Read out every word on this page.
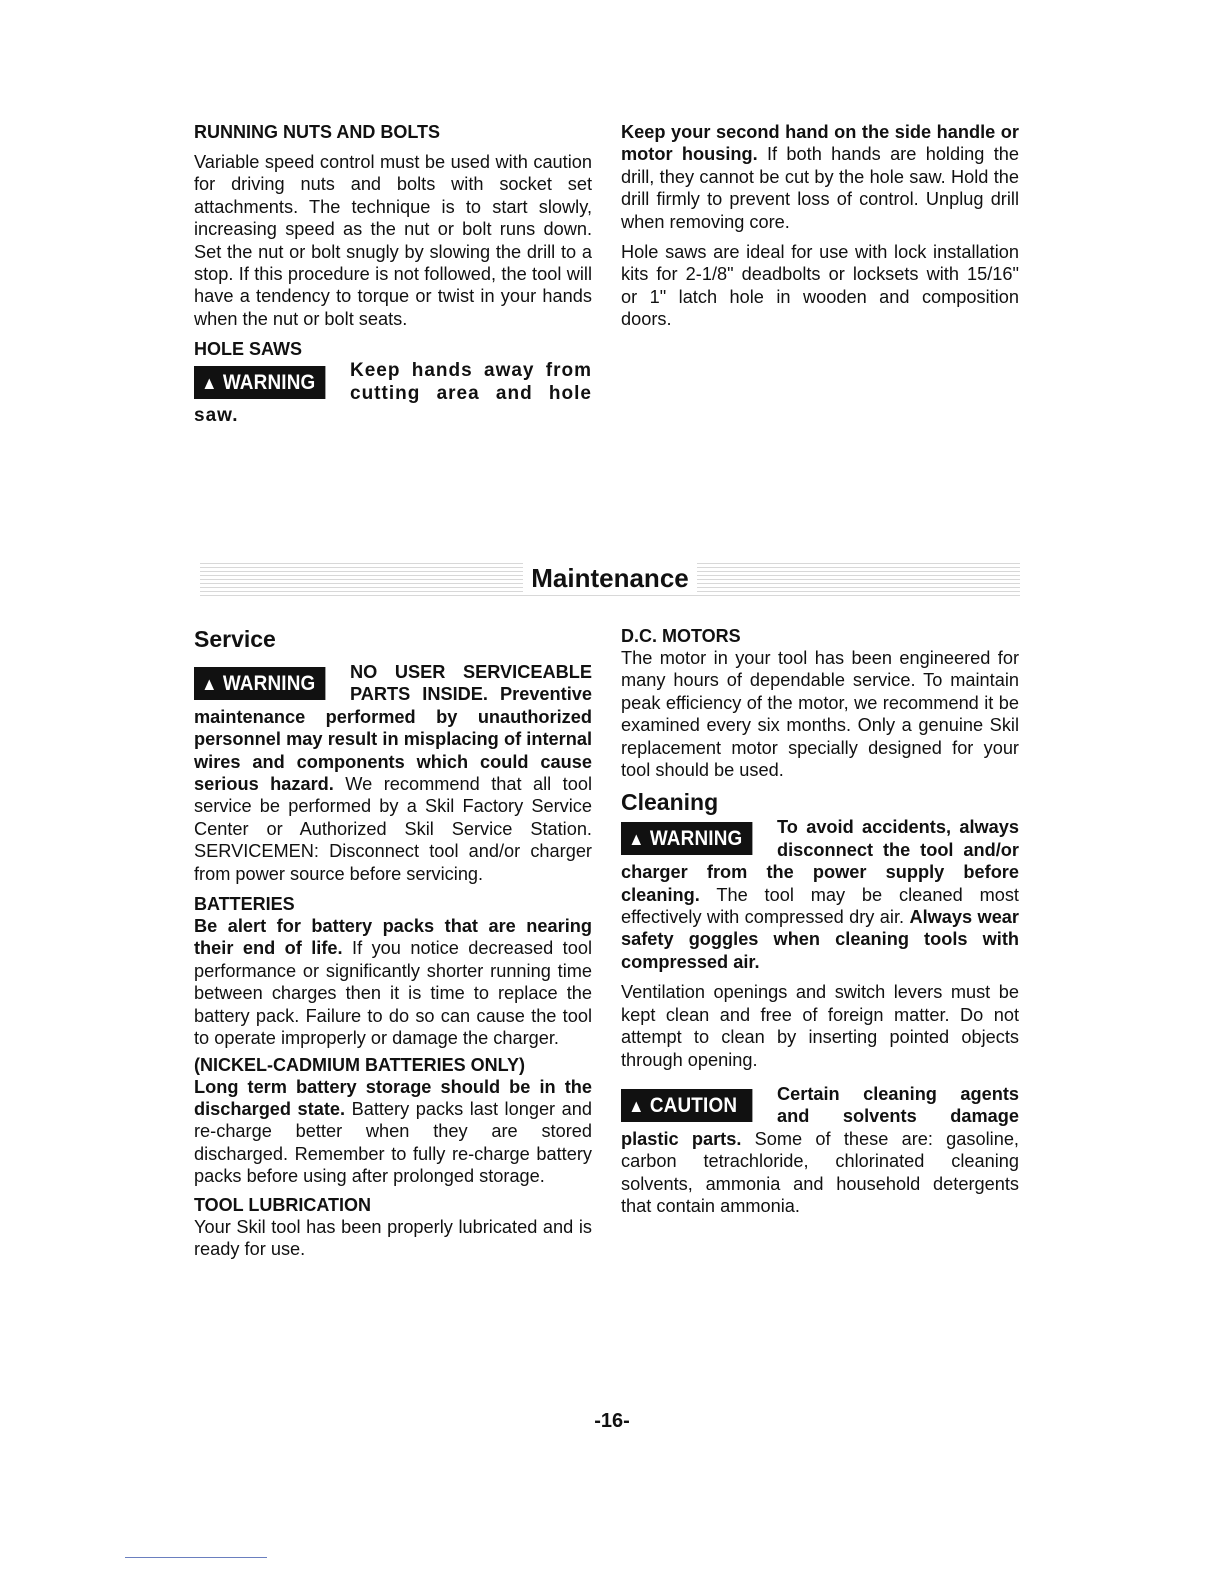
RUNNING NUTS AND BOLTS

Variable speed control must be used with caution for driving nuts and bolts with socket set attachments. The technique is to start slowly, increasing speed as the nut or bolt runs down. Set the nut or bolt snugly by slowing the drill to a stop. If this procedure is not followed, the tool will have a tendency to torque or twist in your hands when the nut or bolt seats.

HOLE SAWS

▲ WARNING

Keep hands away from cutting area and hole saw.

Keep your second hand on the side handle or motor housing. If both hands are holding the drill, they cannot be cut by the hole saw. Hold the drill firmly to prevent loss of control. Unplug drill when removing core.

Hole saws are ideal for use with lock installation kits for 2-1/8" deadbolts or locksets with 15/16" or 1" latch hole in wooden and composition doors.

Maintenance

Service

▲ WARNING	NO USER SERVICEABLE PARTS INSIDE. Preventive maintenance performed by unauthorized personnel may result in misplacing of internal wires and components which could cause serious hazard. We recommend that all tool service be performed by a Skil Factory Service Center or Authorized Skil Service Station. SERVICEMEN: Disconnect tool and/or charger from power source before servicing.

BATTERIES

Be alert for battery packs that are nearing their end of life. If you notice decreased tool performance or significantly shorter running time between charges then it is time to replace the battery pack. Failure to do so can cause the tool to operate improperly or damage the charger.

(NICKEL-CADMIUM BATTERIES ONLY)

Long term battery storage should be in the discharged state. Battery packs last longer and re-charge better when they are stored discharged. Remember to fully re-charge battery packs before using after prolonged storage.

TOOL LUBRICATION

Your Skil tool has been properly lubricated and is ready for use.

D.C. MOTORS

The motor in your tool has been engineered for many hours of dependable service. To maintain peak efficiency of the motor, we recommend it be examined every six months. Only a genuine Skil replacement motor specially designed for your tool should be used.

Cleaning

▲ WARNING	To avoid accidents, always disconnect the tool and/or charger from the power supply before cleaning. The tool may be cleaned most effectively with compressed dry air. Always wear safety goggles when cleaning tools with compressed air.

Ventilation openings and switch levers must be kept clean and free of foreign matter. Do not attempt to clean by inserting pointed objects through opening.

▲ CAUTION	Certain cleaning agents and solvents damage plastic parts. Some of these are: gasoline, carbon tetrachloride, chlorinated cleaning solvents, ammonia and household detergents that contain ammonia.

-16-
